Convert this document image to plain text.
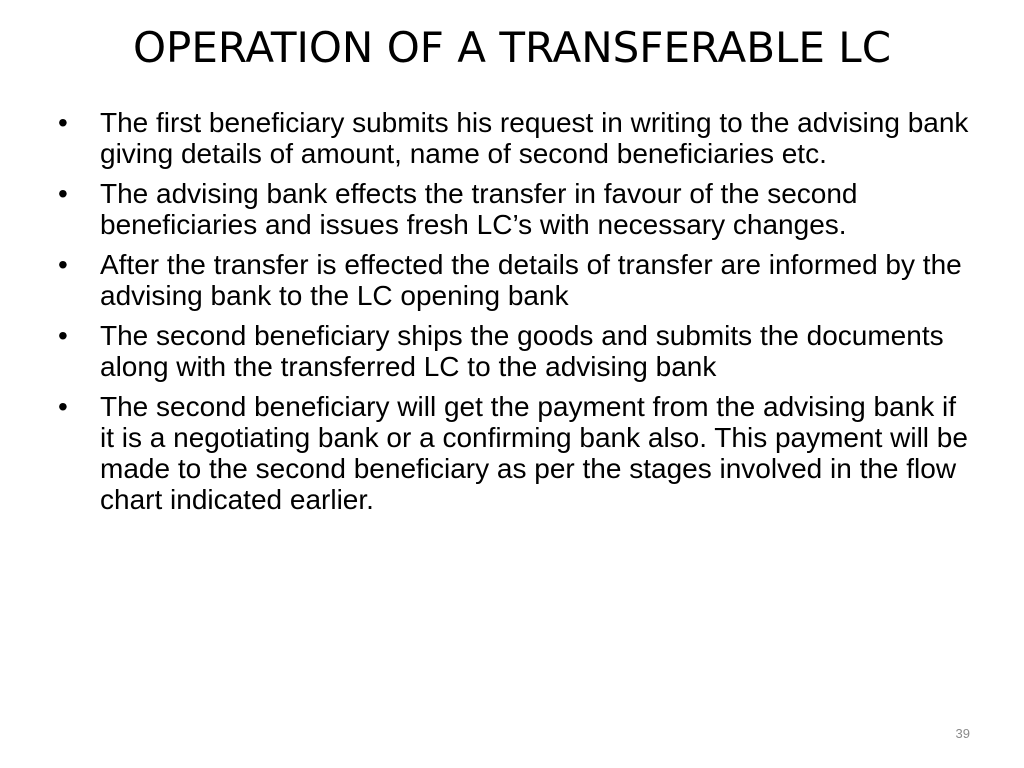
OPERATION OF A TRANSFERABLE LC
•	The first beneficiary submits his request in writing to the advising bank giving details of amount, name of second beneficiaries etc.
•	The advising bank effects the transfer in favour of the second beneficiaries and issues fresh LC’s with necessary changes.
•	After the transfer is effected the details of transfer are informed by the advising bank to the LC opening bank
•	The second beneficiary ships the goods and submits the documents along with the transferred LC to the advising bank
•	The second beneficiary will get the payment from the advising bank if it is a negotiating bank or a confirming bank also. This payment will be made to the second beneficiary as per the stages involved in the flow chart indicated earlier.
39
